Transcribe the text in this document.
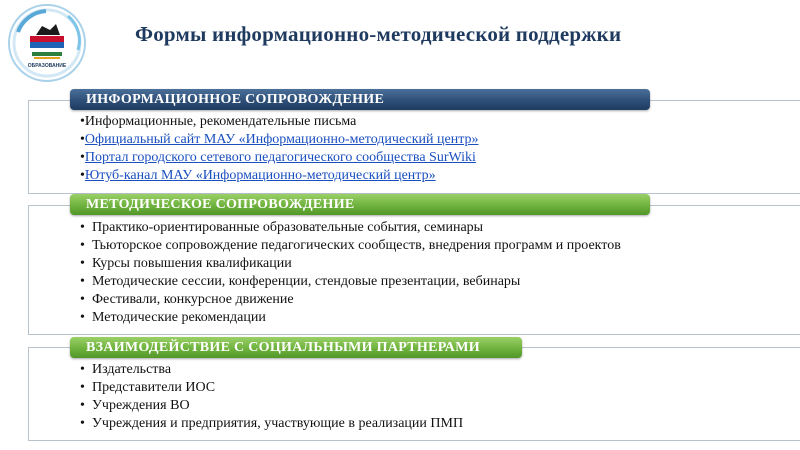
ОБРАЗОВАНИЕ
Формы информационно-методической поддержки
ИНФОРМАЦИОННОЕ СОПРОВОЖДЕНИЕ
•Информационные, рекомендательные письма
•Официальный сайт МАУ «Информационно-методический центр»
•Портал городского сетевого педагогического сообщества SurWiki
•Ютуб-канал МАУ «Информационно-методический центр»
МЕТОДИЧЕСКОЕ СОПРОВОЖДЕНИЕ
• Практико-ориентированные образовательные события, семинары
• Тьюторское сопровождение педагогических сообществ, внедрения программ и проектов
• Курсы повышения квалификации
• Методические сессии, конференции, стендовые презентации, вебинары
• Фестивали, конкурсное движение
• Методические рекомендации
ВЗАИМОДЕЙСТВИЕ С СОЦИАЛЬНЫМИ ПАРТНЕРАМИ
• Издательства
• Представители ИОС
• Учреждения ВО
• Учреждения и предприятия, участвующие в реализации ПМП
